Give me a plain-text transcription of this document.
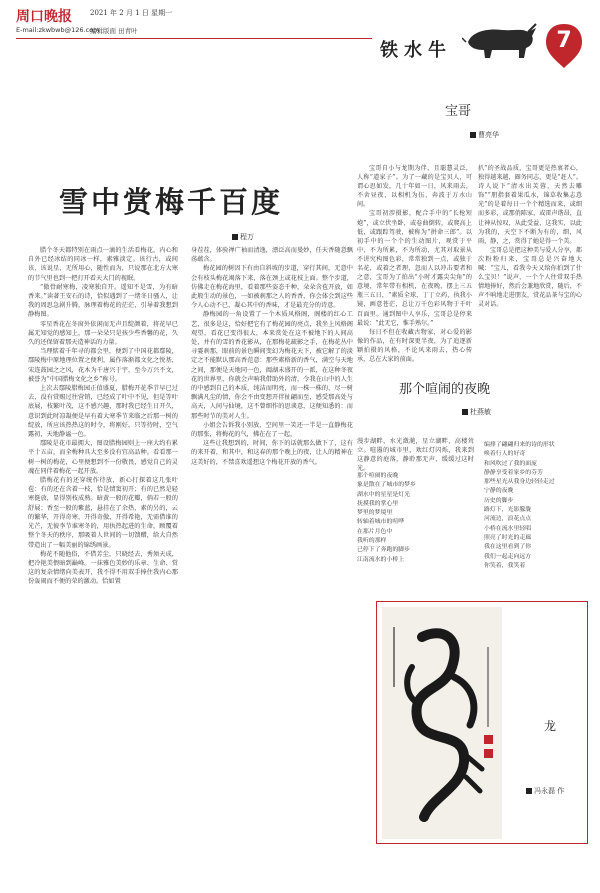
周口晚报	2021 年 2 月 1 日 星期一
E-mail:zkwbwb@126.com
编辑版面 田青叶
铁水牛	7
雪中赏梅千百度
程万

腊个冬天都特别在雨点一滴的生活看梅花，内心和自外已经冰结的同冰一样，素雅淡定。该行古，或间该，该说星，无所用心，随性而为，只说那在北方大寒的节气里也到一把打开看天大门的视眠。

“傲骨耐寒梅，凌寒独自开。遥知不是雪，为有暗香来。”读著王安石的诗，恰似遇到了一绪冬日骚人，让我的周思急剧升腾，脉理着梅花的茫茫，引导着我想到静梅图。

零星香花在冬窗外依闲而无声且绽颜着，将花早已属无知觉的感知上，那一朵朵只是孩少些香馨的花，久久的还保留着那天造神话的力量。

当理惦着千年寻的都会里，便到了中国花都鄢陵，鄢陵梅中原地理位置之便利，属作落渐都文化之悦基，宋连鼓园之之风，花木为千唐兴于宇，至今万兴不文，被誉为“中国腊梅文化之乡”称号。

上次去鄢陵腊梅园正值盛夏，腊梅开花季节早已过去，没有赏赐过往营销，已经成了叶中不见，但是等叶底展，枝繁叶茂，这不感兴趣，那时我已经生日开久，意识到此时凉凝便是早有着大寒季节来临之后那一树的绽放，所应该热热这的时令，将刚好，只等待时，空气露初，天地静谧一色。

鄢陵是花市最拥大，图设腊梅园则上一座大约有累平十五亩，而全梅种具大至多没有宜高品种。看看那一树一树的梅花，心里便想到不一份敬畏，感觉自己的灵魂在同伴着梅花一起开放。

腊梅花有的还穿统作待放，新心打探着这几张叶苞：有的还在含着一枝，恰是情窦初开；有的已然是轻寒挺放，显得别枝成熟。暗黄一般的花瓣，倘若一般的舒展；香至一般的紫蓝，悬挂在了余热，素的另的，云的繁华，开得奇寒，开得奇傲，开得希艳，无需借谁的光芒，无彼李节谁寒冬的，用执热起进的生命，顾覆着整个冬天的秩序，那吸着人世间的一切馈赠，给大自然带造出了一幅美丽的锦绣画景。

梅花不随他俗，不借芳尘，只晓经去，秀须天成，把冷艳美偎暗到巅峰。一抹雅色美妙的乐章、生命、赏这的复杂情绪向美表开，我不得不用双手捧住我内心那份轰闹而不便的荣的激动。恰如置

身茬茬，体验禅广袖而清逸，漂泛高而曼妙，任天香随意飘荡蕴含。

梅花园的树因下有由自斜坡的步道，穿行其间，无意中会有枝头梅花竭落下来，落在颈上或花枝上面。整个步道，仿佛走在梅花海里，看着那些姿态千种，朵朵含苞开放，如此般生动的景色，一如被刹那之人的香香，你会体会到这些令人心动不已，凝心其中的香味，才是最充分的诗意。

静梅园的一角设置了一个木质风格阁，阁楼的红心工艺，很多是这，恰好把它有了梅花园的亮点，我坐上风格阁观望，看花已变得很大，本来赏处在这不被地下的人间高处，并有的雪的香花影从，在那梅花疏影之手，在梅花丛中寻霎刹那，眼前的景色瞬间变幻为梅花天下，被它解了的淡定之不能默认那高香范意：那些素格新的香气，满空与天地之间，那便是天地同一色，阖湖未盛开的一派，在这种冬夜花的世界里，你就会声响我借助外的清，令我在山中的人生的中感到自己的本质，纯洁而明亮，而一株一株的，尽一树飘满凡尘的情，你会不由变想开伴扯翩而至，感受那高处与高天，人间与仙境，这不曾细作的思谈意，这便知悉的：而那些时节的美对人生。

小姐会告诉我小别放，空间里一笑还一半是一直静梅花的那张，将梅花的气，拂在在了一起，

这些让我想到的，时间，你下的话就那么做下了，这有的来开着，和其中，和这春的那个晚上的夜，让人的精神在这美好的，不禁喜欢遥想这个梅花开放的香气。

宝哥
曹亮华

宝哥自小与龙期为伴，且聪慧灵泛，人称“道家子”。为了一藏的是宝贝人，可谓心思如发，几十年如一日，风来雨去，不舍昼夜，以相机为伍，奔波于万水山间。

宝哥初涉摄影，配合手中的“长枪短炮”，或立伏坐卧，或卷曲倒转，或爬高上低，或跟踪驾驶，被称为“拼命三郎”。以初手中的一个个的生动图片，观赏于平中，不为所累，不为所动，尤其对取景从不讲究构图色彩，常常独到一点，或独于名花，或着之者理，忽而人以冲击要者和之意，宝哥为了拍出“小时才露尖尖角”的意境，常年带有相机，在夜晚，摆上三五瓶三五日，“素质全球，丁丁立药，执我小镜，画意苍茫，总让万千色彩风物于千叶百面里。通到图中人享乐，宝哥总是停来最说：“此无它，惟手熟尔。”

每日不但在收藏古物家，对心爱的影像的作品，在有时深更半夜，为了追逐新颖拍摄的风格，不论风来雨去，热心传承，总在大家的前面。

扒”的圣战品质，宝哥更是热衷者心，独得越来越，圈务同志，更是“赶人”。诗人说下“清水出芙蓉，天然去雕饰”“朋指套着果瓜水，锦草收集志意光”的是着每日一个个精选而来，或细而多彩，或那俏陈家，或雷声谐昂，直让神从惊叹，从此受益，这我实，以此为我的，天空下不断为有的，细，风雨，静，之，赏得了她是得一个美。

宝哥总是把这种美与爱人分享，都次粉粉归来，宝哥总是兴奋地大喊：“宝儿，看我今天又给你拍到了什么宝贝！”说声，一个个人往常双手热情地捧好，然后会兼地欣赏，随后，不声不响地走进朋友，赏花品茶与宝的心灵对话。

那个喧闹的夜晚
杜燕敏
漫步湖畔，水光潋滟，星立湖畔，高楼耸立。喧嚣的城市里，欢红灯闪烁，我来到这静意的庭落，静聆那无声，缓缓过这时光。
那个喧闹的夜晚
象是散在了城市的梦乡
湖水中的星星是灯光
抚摸我的掌心里
梦里的梦境里
转轴着城市的喧哗
在那片月色中
我听的那样
已停下了奔跑的脚步
江南流水的小桥上
编排了翩翩归来的诗的形状
唤着行人的好奇
和风吹过了我的面庞
静静享受着家乡的芬芳
那些星光从我身边轻轻走过
宁静的夜晚
历史的脚步
路灯下，光影朦胧
河流边，浪花点点
小桥在流水里轻唱
照亮了时光的走廊
我在这里看到了你
我们一起走向远方
你笑着，我笑着
龙
冯永磊 作
